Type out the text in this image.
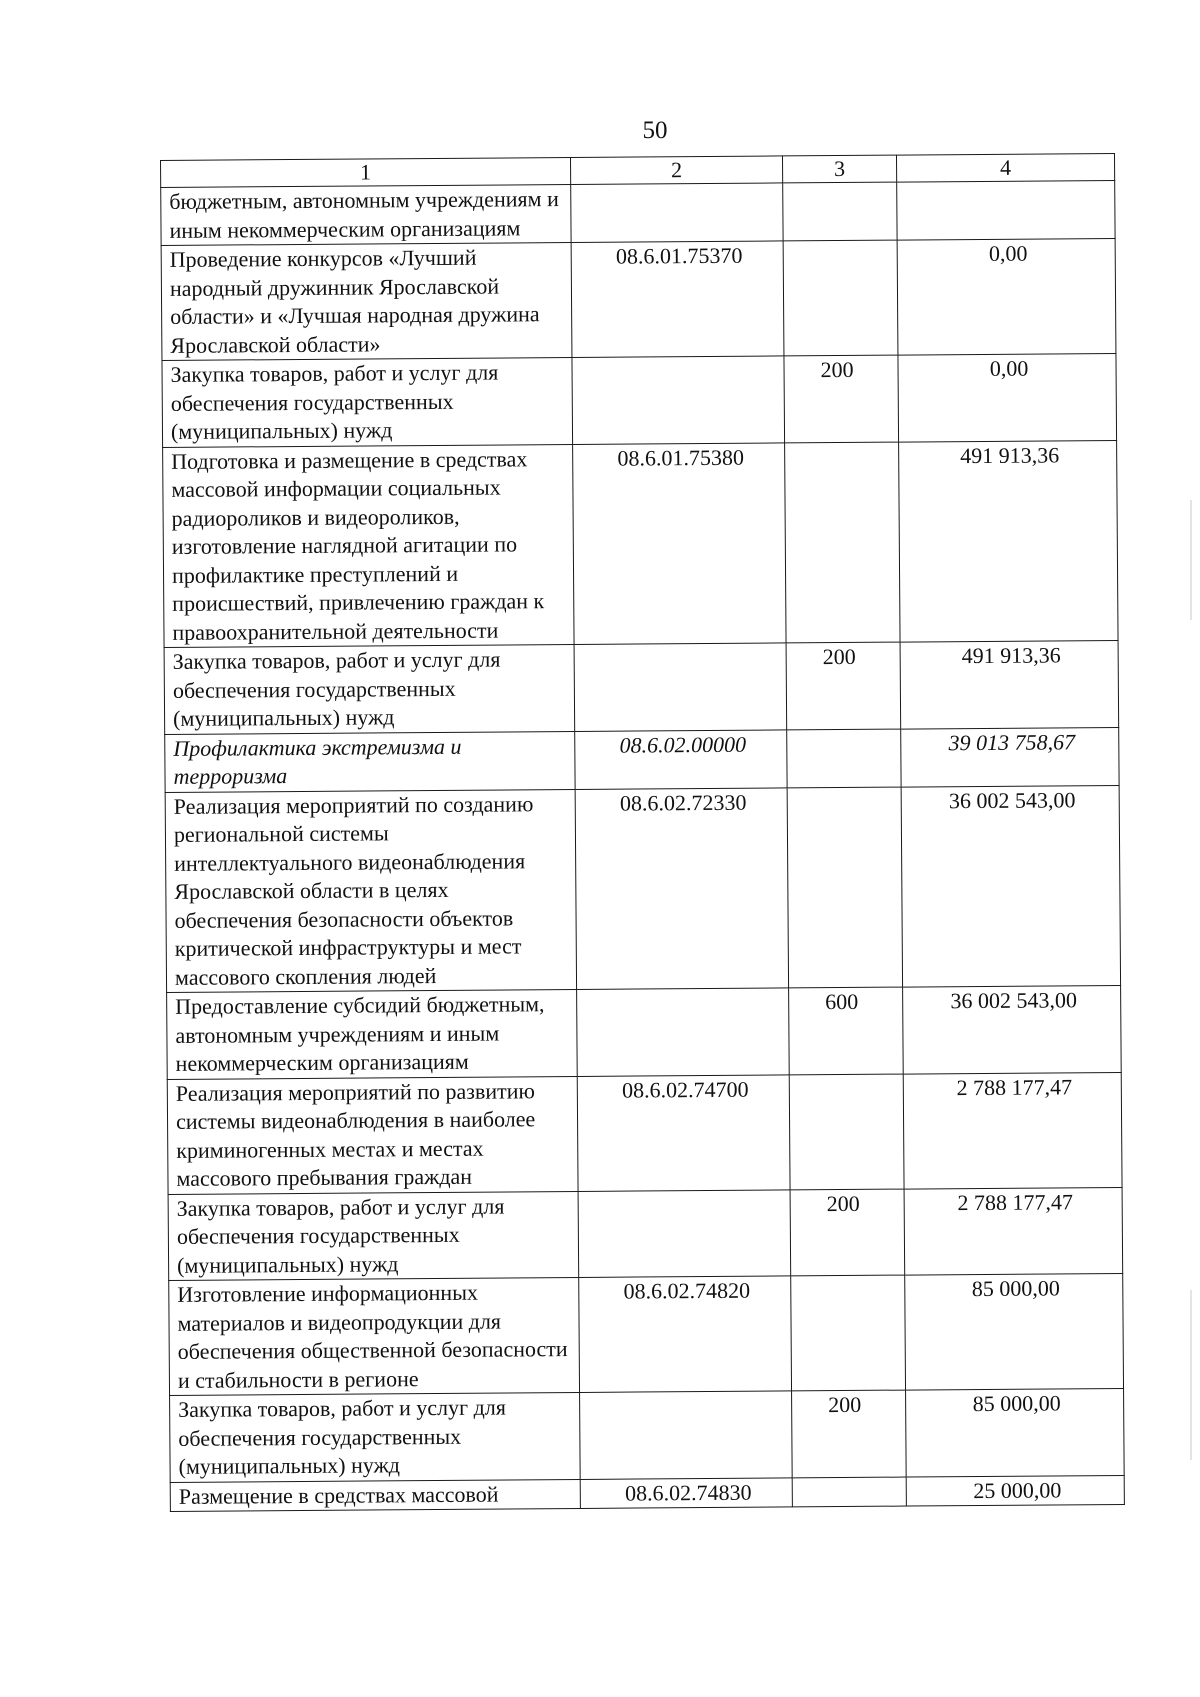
50
1	2	3	4
бюджетным, автономным учреждениям и иным некоммерческим организациям			
Проведение конкурсов «Лучший народный дружинник Ярославской области» и «Лучшая народная дружина Ярославской области»	08.6.01.75370		0,00
Закупка товаров, работ и услуг для обеспечения государственных (муниципальных) нужд		200	0,00
Подготовка и размещение в средствах массовой информации социальных радиороликов и видеороликов, изготовление наглядной агитации по профилактике преступлений и происшествий, привлечению граждан к правоохранительной деятельности	08.6.01.75380		491 913,36
Закупка товаров, работ и услуг для обеспечения государственных (муниципальных) нужд		200	491 913,36
Профилактика экстремизма и терроризма	08.6.02.00000		39 013 758,67
Реализация мероприятий по созданию региональной системы интеллектуального видеонаблюдения Ярославской области в целях обеспечения безопасности объектов критической инфраструктуры и мест массового скопления людей	08.6.02.72330		36 002 543,00
Предоставление субсидий бюджетным, автономным учреждениям и иным некоммерческим организациям		600	36 002 543,00
Реализация мероприятий по развитию системы видеонаблюдения в наиболее криминогенных местах и местах массового пребывания граждан	08.6.02.74700		2 788 177,47
Закупка товаров, работ и услуг для обеспечения государственных (муниципальных) нужд		200	2 788 177,47
Изготовление информационных материалов и видеопродукции для обеспечения общественной безопасности и стабильности в регионе	08.6.02.74820		85 000,00
Закупка товаров, работ и услуг для обеспечения государственных (муниципальных) нужд		200	85 000,00
Размещение в средствах массовой	08.6.02.74830		25 000,00
